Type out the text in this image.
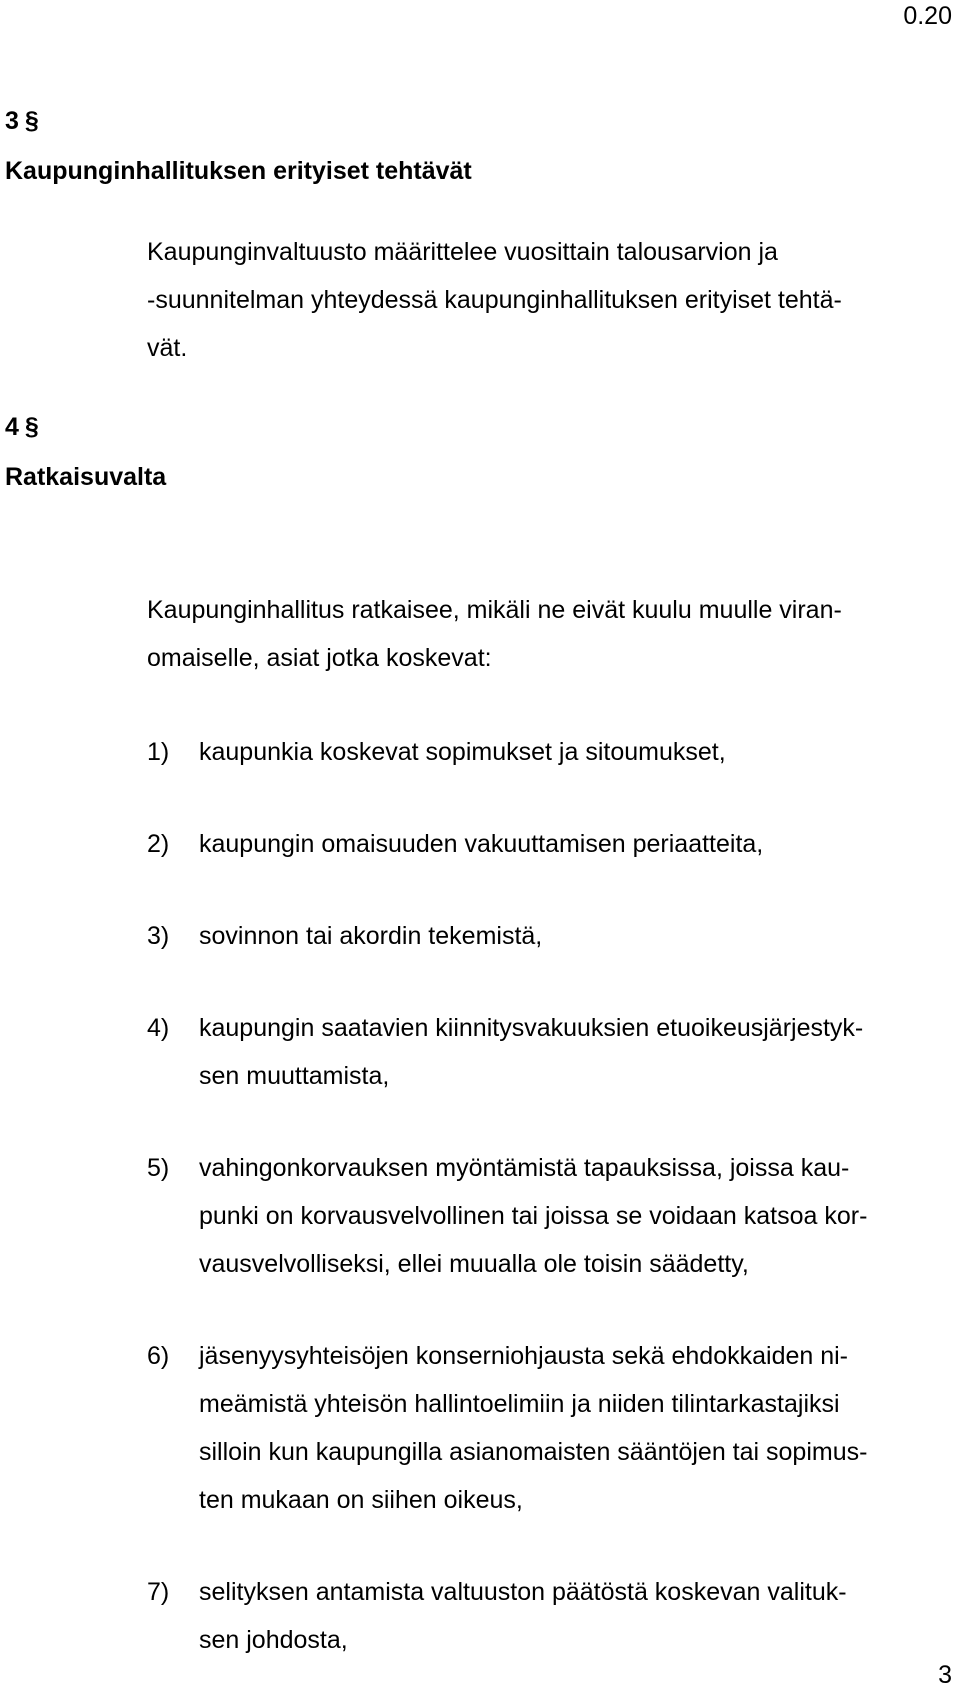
0.20
3 §
Kaupunginhallituksen erityiset tehtävät

Kaupunginvaltuusto määrittelee vuosittain talousarvion ja
-suunnitelman yhteydessä kaupunginhallituksen erityiset tehtä-
vät.

4 §
Ratkaisuvalta

Kaupunginhallitus ratkaisee, mikäli ne eivät kuulu muulle viran-
omaiselle, asiat jotka koskevat:

1) kaupunkia koskevat sopimukset ja sitoumukset,
2) kaupungin omaisuuden vakuuttamisen periaatteita,
3) sovinnon tai akordin tekemistä,
4) kaupungin saatavien kiinnitysvakuuksien etuoikeusjärjestyk-
sen muuttamista,
5) vahingonkorvauksen myöntämistä tapauksissa, joissa kau-
punki on korvausvelvollinen tai joissa se voidaan katsoa kor-
vausvelvolliseksi, ellei muualla ole toisin säädetty,
6) jäsenyysyhteisöjen konserniohjausta sekä ehdokkaiden ni-
meämistä yhteisön hallintoelimiin ja niiden tilintarkastajiksi
silloin kun kaupungilla asianomaisten sääntöjen tai sopimus-
ten mukaan on siihen oikeus,
7) selityksen antamista valtuuston päätöstä koskevan valituk-
sen johdosta,
3
